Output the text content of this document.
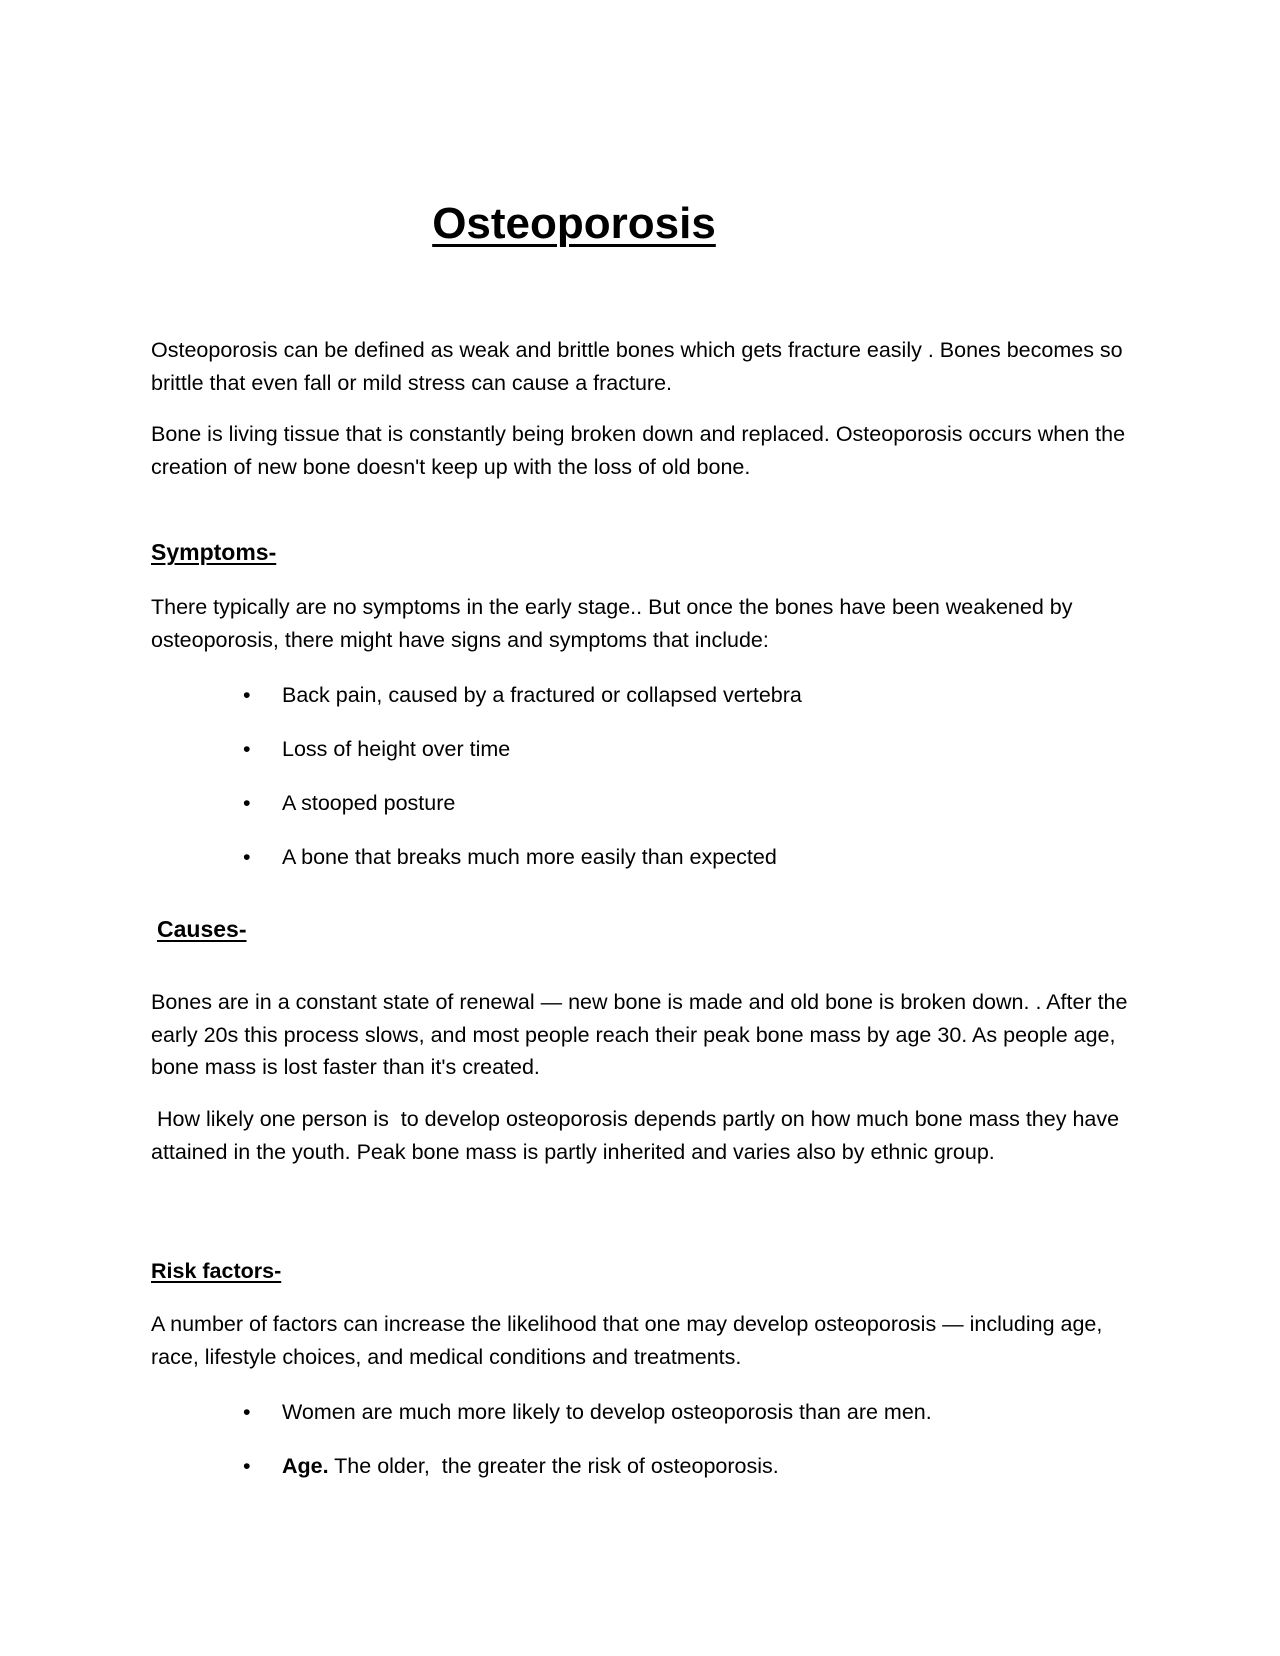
Osteoporosis

Osteoporosis can be defined as weak and brittle bones which gets fracture easily . Bones becomes so brittle that even fall or mild stress can cause a fracture.

Bone is living tissue that is constantly being broken down and replaced. Osteoporosis occurs when the creation of new bone doesn't keep up with the loss of old bone.

Symptoms-

There typically are no symptoms in the early stage.. But once the bones have been weakened by osteoporosis, there might have signs and symptoms that include:

• Back pain, caused by a fractured or collapsed vertebra
• Loss of height over time
• A stooped posture
• A bone that breaks much more easily than expected
Causes-

Bones are in a constant state of renewal — new bone is made and old bone is broken down. . After the early 20s this process slows, and most people reach their peak bone mass by age 30. As people age, bone mass is lost faster than it's created.

How likely one person is  to develop osteoporosis depends partly on how much bone mass they have attained in the youth. Peak bone mass is partly inherited and varies also by ethnic group.

Risk factors-

A number of factors can increase the likelihood that one may develop osteoporosis — including age, race, lifestyle choices, and medical conditions and treatments.

• Women are much more likely to develop osteoporosis than are men.
• Age. The older,  the greater the risk of osteoporosis.
